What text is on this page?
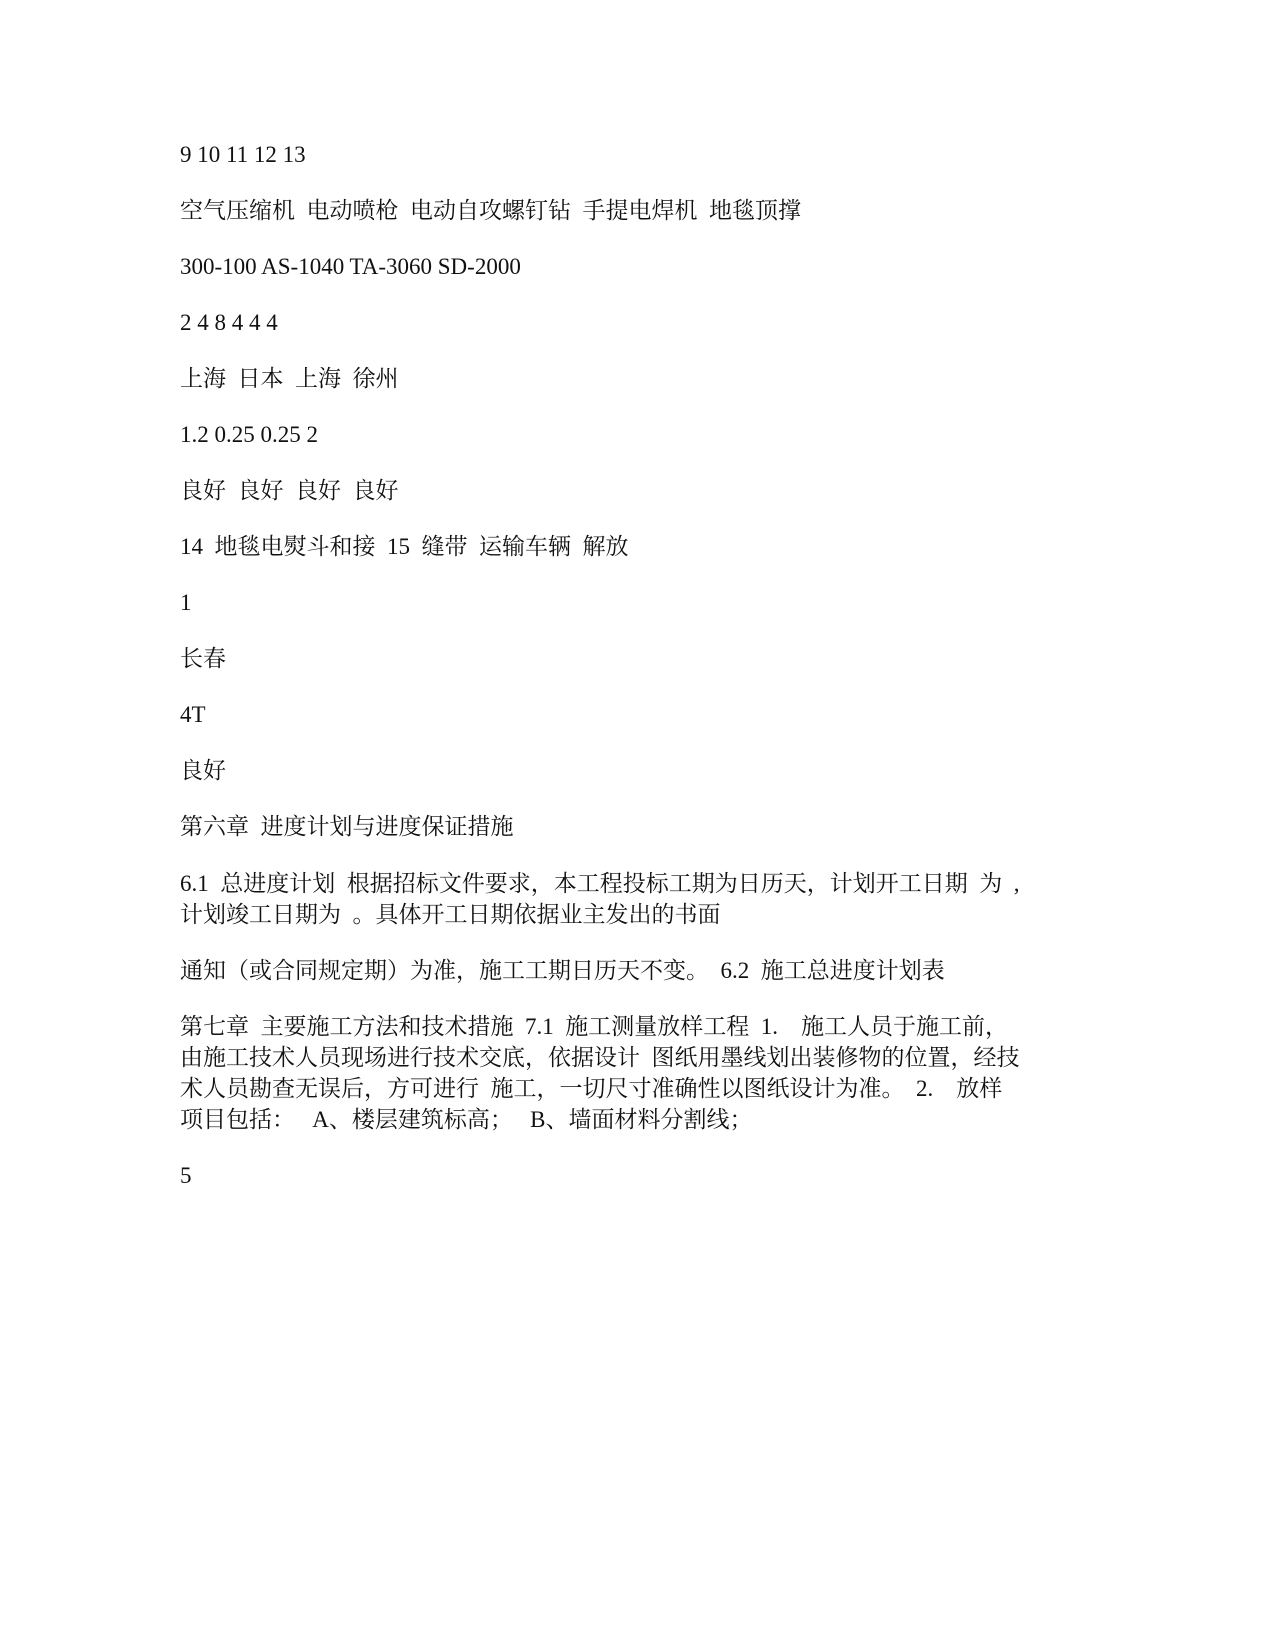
9 10 11 12 13

空气压缩机  电动喷枪  电动自攻螺钉钻  手提电焊机  地毯顶撑

300-100 AS-1040 TA-3060 SD-2000

2 4 8 4 4 4

上海  日本  上海  徐州

1.2 0.25 0.25 2

良好  良好  良好  良好

14  地毯电熨斗和接  15  缝带  运输车辆  解放

1

长春

4T

良好

第六章  进度计划与进度保证措施

6.1  总进度计划  根据招标文件要求，本工程投标工期为日历天，计划开工日期  为  ,
计划竣工日期为  。具体开工日期依据业主发出的书面

通知（或合同规定期）为准，施工工期日历天不变。  6.2  施工总进度计划表

第七章  主要施工方法和技术措施  7.1  施工测量放样工程  1.    施工人员于施工前，
由施工技术人员现场进行技术交底，依据设计  图纸用墨线划出装修物的位置，经技
术人员勘查无误后，方可进行  施工，一切尺寸准确性以图纸设计为准。  2.    放样
项目包括：   A、楼层建筑标高；   B、墙面材料分割线；

5
